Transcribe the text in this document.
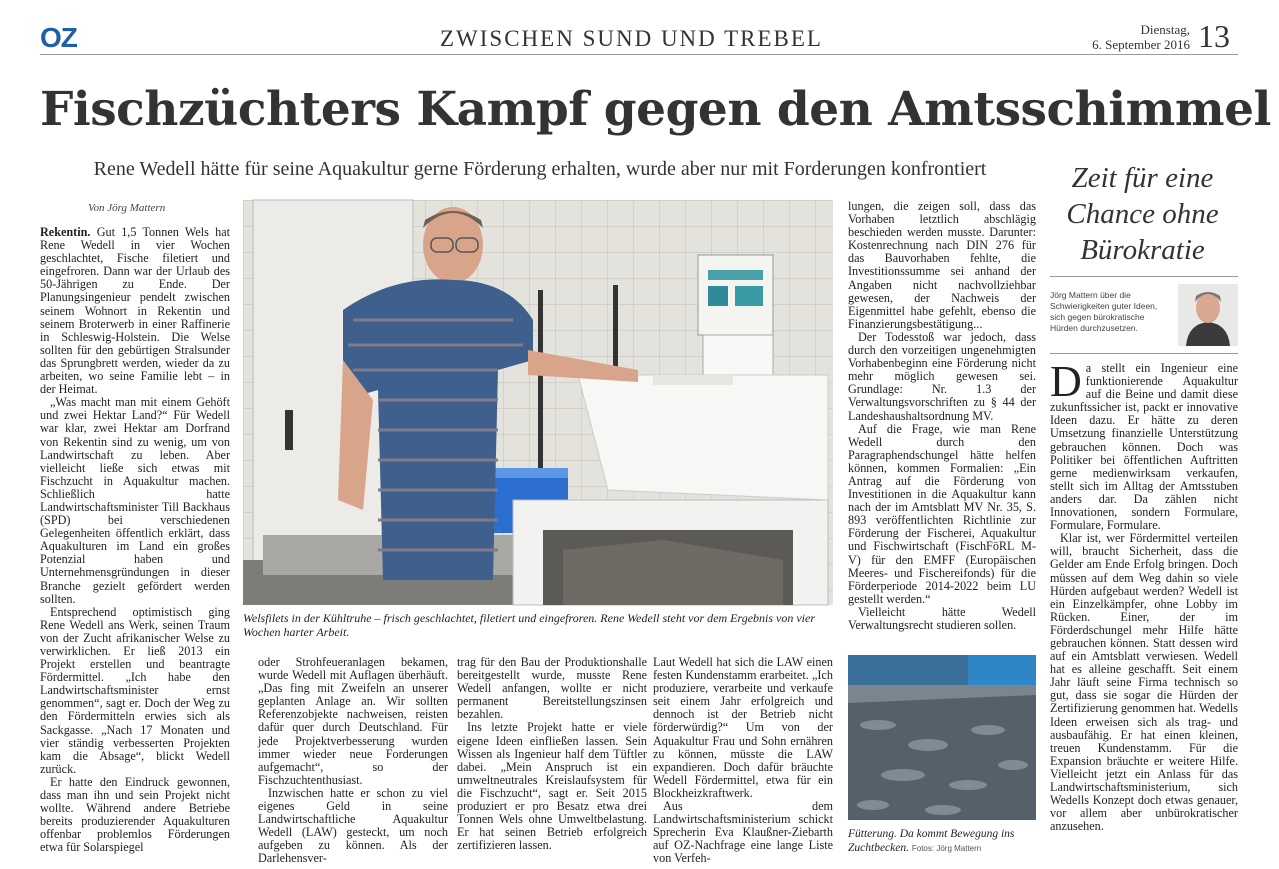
OZ	ZWISCHEN SUND UND TREBEL	Dienstag,
6. September 2016 13
Fischzüchters Kampf gegen den Amtsschimmel
Rene Wedell hätte für seine Aquakultur gerne Förderung erhalten, wurde aber nur mit Forderungen konfrontiert
Von Jörg Mattern

Rekentin. Gut 1,5 Tonnen Wels hat Rene Wedell in vier Wochen geschlachtet, Fische filetiert und eingefroren. Dann war der Urlaub des 50-Jährigen zu Ende. Der Planungsingenieur pendelt zwischen seinem Wohnort in Rekentin und seinem Broterwerb in einer Raffinerie in Schleswig-Holstein. Die Welse sollten für den gebürtigen Stralsunder das Sprungbrett werden, wieder da zu arbeiten, wo seine Familie lebt – in der Heimat.

„Was macht man mit einem Gehöft und zwei Hektar Land?“ Für Wedell war klar, zwei Hektar am Dorfrand von Rekentin sind zu wenig, um von Landwirtschaft zu leben. Aber vielleicht ließe sich etwas mit Fischzucht in Aquakultur machen. Schließlich hatte Landwirtschaftsminister Till Backhaus (SPD) bei verschiedenen Gelegenheiten öffentlich erklärt, dass Aquakulturen im Land ein großes Potenzial haben und Unternehmensgründungen in dieser Branche gezielt gefördert werden sollten.

Entsprechend optimistisch ging Rene Wedell ans Werk, seinen Traum von der Zucht afrikanischer Welse zu verwirklichen. Er ließ 2013 ein Projekt erstellen und beantragte Fördermittel. „Ich habe den Landwirtschaftsminister ernst genommen“, sagt er. Doch der Weg zu den Fördermitteln erwies sich als Sackgasse. „Nach 17 Monaten und vier ständig verbesserten Projekten kam die Absage“, blickt Wedell zurück.

Er hatte den Eindruck gewonnen, dass man ihn und sein Projekt nicht wollte. Während andere Betriebe bereits produzierender Aquakulturen offenbar problemlos Förderungen etwa für Solarspiegel

Welsfilets in der Kühltruhe – frisch geschlachtet, filetiert und eingefroren. Rene Wedell steht vor dem Ergebnis von vier Wochen harter Arbeit.

oder Strohfeueranlagen bekamen, wurde Wedell mit Auflagen überhäuft. „Das fing mit Zweifeln an unserer geplanten Anlage an. Wir sollten Referenzobjekte nachweisen, reisten dafür quer durch Deutschland. Für jede Projektverbesserung wurden immer wieder neue Forderungen aufgemacht“, so der Fischzuchtenthusiast.

Inzwischen hatte er schon zu viel eigenes Geld in seine Landwirtschaftliche Aquakultur Wedell (LAW) gesteckt, um noch aufgeben zu können. Als der Darlehensver-

trag für den Bau der Produktionshalle bereitgestellt wurde, musste Rene Wedell anfangen, wollte er nicht permanent Bereitstellungszinsen bezahlen.

Ins letzte Projekt hatte er viele eigene Ideen einfließen lassen. Sein Wissen als Ingenieur half dem Tüftler dabei. „Mein Anspruch ist ein umweltneutrales Kreislaufsystem für die Fischzucht“, sagt er. Seit 2015 produziert er pro Besatz etwa drei Tonnen Wels ohne Umweltbelastung. Er hat seinen Betrieb erfolgreich zertifizieren lassen.

Laut Wedell hat sich die LAW einen festen Kundenstamm erarbeitet. „Ich produziere, verarbeite und verkaufe seit einem Jahr erfolgreich und dennoch ist der Betrieb nicht förderwürdig?“ Um von der Aquakultur Frau und Sohn ernähren zu können, müsste die LAW expandieren. Doch dafür bräuchte Wedell Fördermittel, etwa für ein Blockheizkraftwerk.

Aus dem Landwirtschaftsministerium schickt Sprecherin Eva Klaußner-Ziebarth auf OZ-Nachfrage eine lange Liste von Verfeh-

lungen, die zeigen soll, dass das Vorhaben letztlich abschlägig beschieden werden musste. Darunter: Kostenrechnung nach DIN 276 für das Bauvorhaben fehlte, die Investitionssumme sei anhand der Angaben nicht nachvollziehbar gewesen, der Nachweis der Eigenmittel habe gefehlt, ebenso die Finanzierungsbestätigung...

Der Todesstoß war jedoch, dass durch den vorzeitigen ungenehmigten Vorhabenbeginn eine Förderung nicht mehr möglich gewesen sei. Grundlage: Nr. 1.3 der Verwaltungsvorschriften zu § 44 der Landeshaushaltsordnung MV.

Auf die Frage, wie man Rene Wedell durch den Paragraphendschungel hätte helfen können, kommen Formalien: „Ein Antrag auf die Förderung von Investitionen in die Aquakultur kann nach der im Amtsblatt MV Nr. 35, S. 893 veröffentlichten Richtlinie zur Förderung der Fischerei, Aquakultur und Fischwirtschaft (FischFöRL M-V) für den EMFF (Europäischen Meeres- und Fischereifonds) für die Förderperiode 2014-2022 beim LU gestellt werden.“

Vielleicht hätte Wedell Verwaltungsrecht studieren sollen.

Fütterung. Da kommt Bewegung ins Zuchtbecken. Fotos: Jörg Mattern
Zeit für eine Chance ohne Bürokratie
Jörg Mattern über die Schwierigkeiten guter Ideen, sich gegen bürokratische Hürden durchzusetzen.

Da stellt ein Ingenieur eine funktionierende Aquakultur auf die Beine und damit diese zukunftssicher ist, packt er innovative Ideen dazu. Er hätte zu deren Umsetzung finanzielle Unterstützung gebrauchen können. Doch was Politiker bei öffentlichen Auftritten gerne medienwirksam verkaufen, stellt sich im Alltag der Amtsstuben anders dar. Da zählen nicht Innovationen, sondern Formulare, Formulare, Formulare.

Klar ist, wer Fördermittel verteilen will, braucht Sicherheit, dass die Gelder am Ende Erfolg bringen. Doch müssen auf dem Weg dahin so viele Hürden aufgebaut werden? Wedell ist ein Einzelkämpfer, ohne Lobby im Rücken. Einer, der im Förderdschungel mehr Hilfe hätte gebrauchen können. Statt dessen wird auf ein Amtsblatt verwiesen. Wedell hat es alleine geschafft. Seit einem Jahr läuft seine Firma technisch so gut, dass sie sogar die Hürden der Zertifizierung genommen hat. Wedells Ideen erweisen sich als trag- und ausbaufähig. Er hat einen kleinen, treuen Kundenstamm. Für die Expansion bräuchte er weitere Hilfe. Vielleicht jetzt ein Anlass für das Landwirtschaftsministerium, sich Wedells Konzept doch etwas genauer, vor allem aber unbürokratischer anzusehen.
